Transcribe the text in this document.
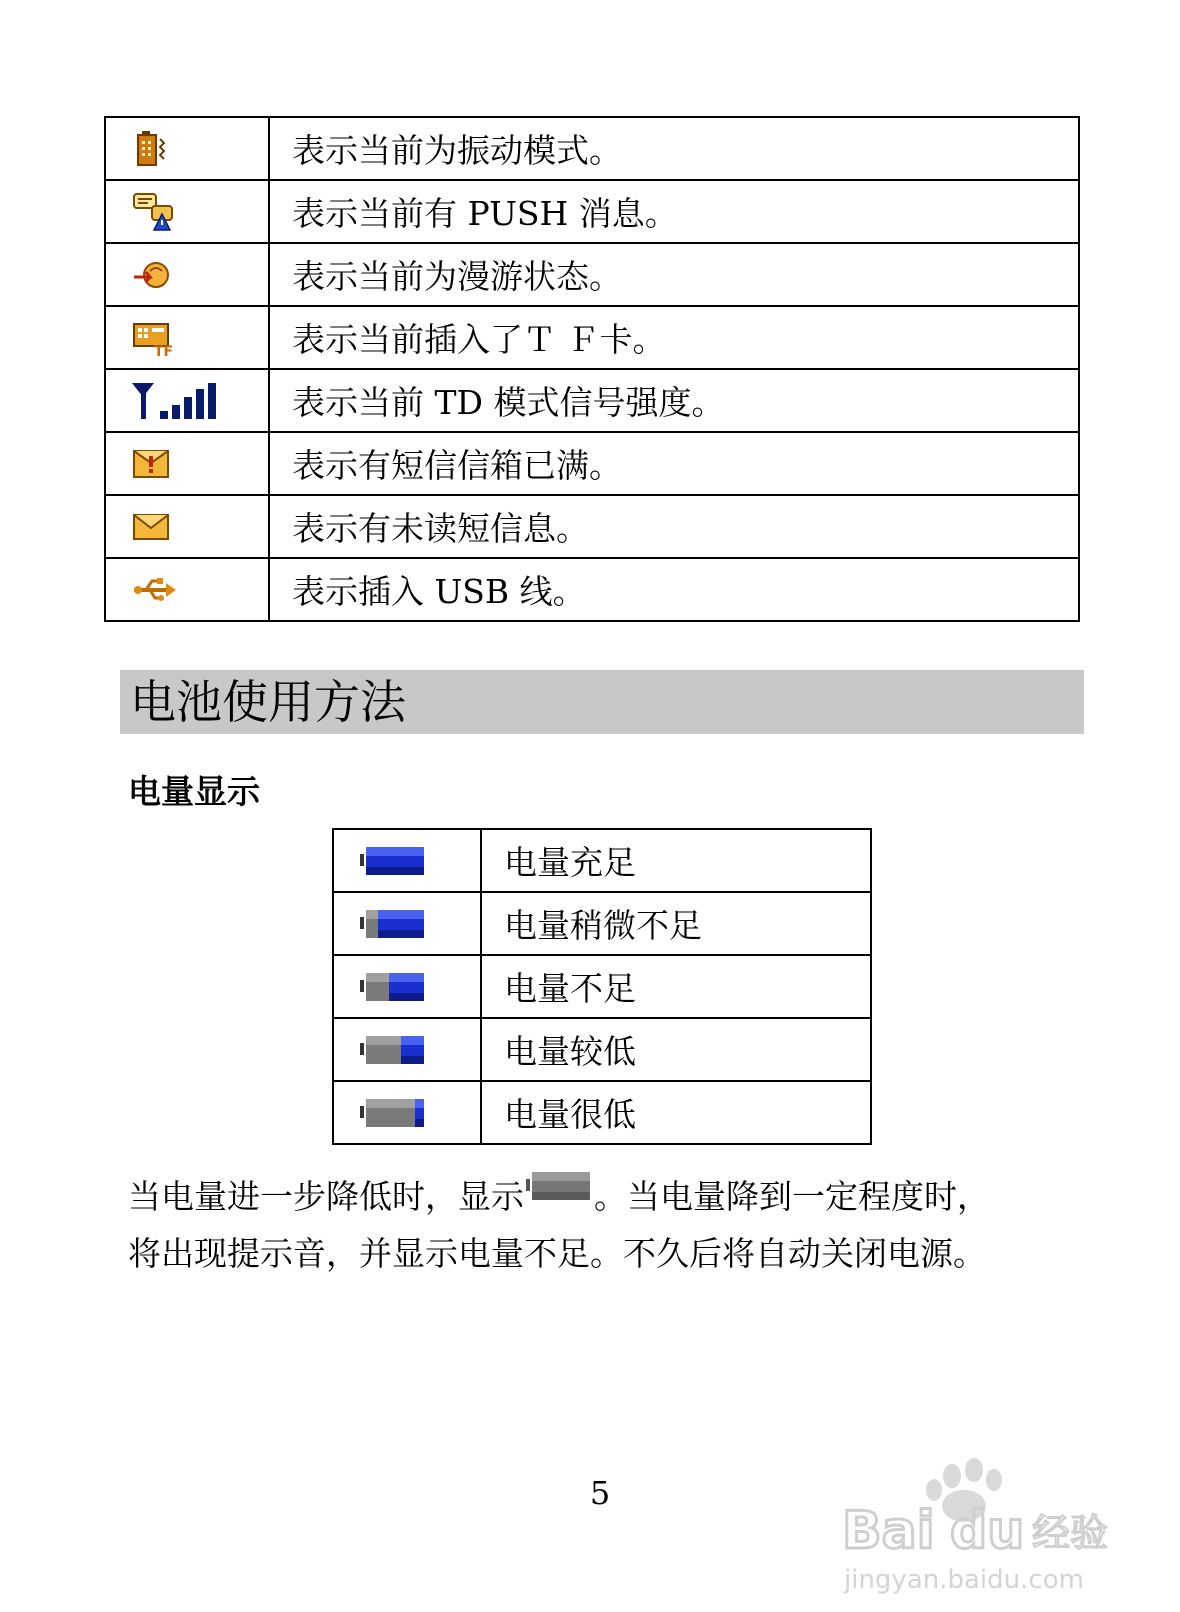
	表示当前为振动模式。
	表示当前有 PUSH 消息。
	表示当前为漫游状态。

TF	表示当前插入了Ｔ Ｆ卡。
	表示当前 TD 模式信号强度。
	表示有短信信箱已满。
	表示有未读短信息。
	表示插入 USB 线。
电池使用方法
电量显示
	电量充足
	电量稍微不足
	电量不足
	电量较低
	电量很低

当电量进一步降低时，显示 。当电量降到一定程度时，

将出现提示音，并显示电量不足。不久后将自动关闭电源。

5
Bai du 经验
jingyan.baidu.com
